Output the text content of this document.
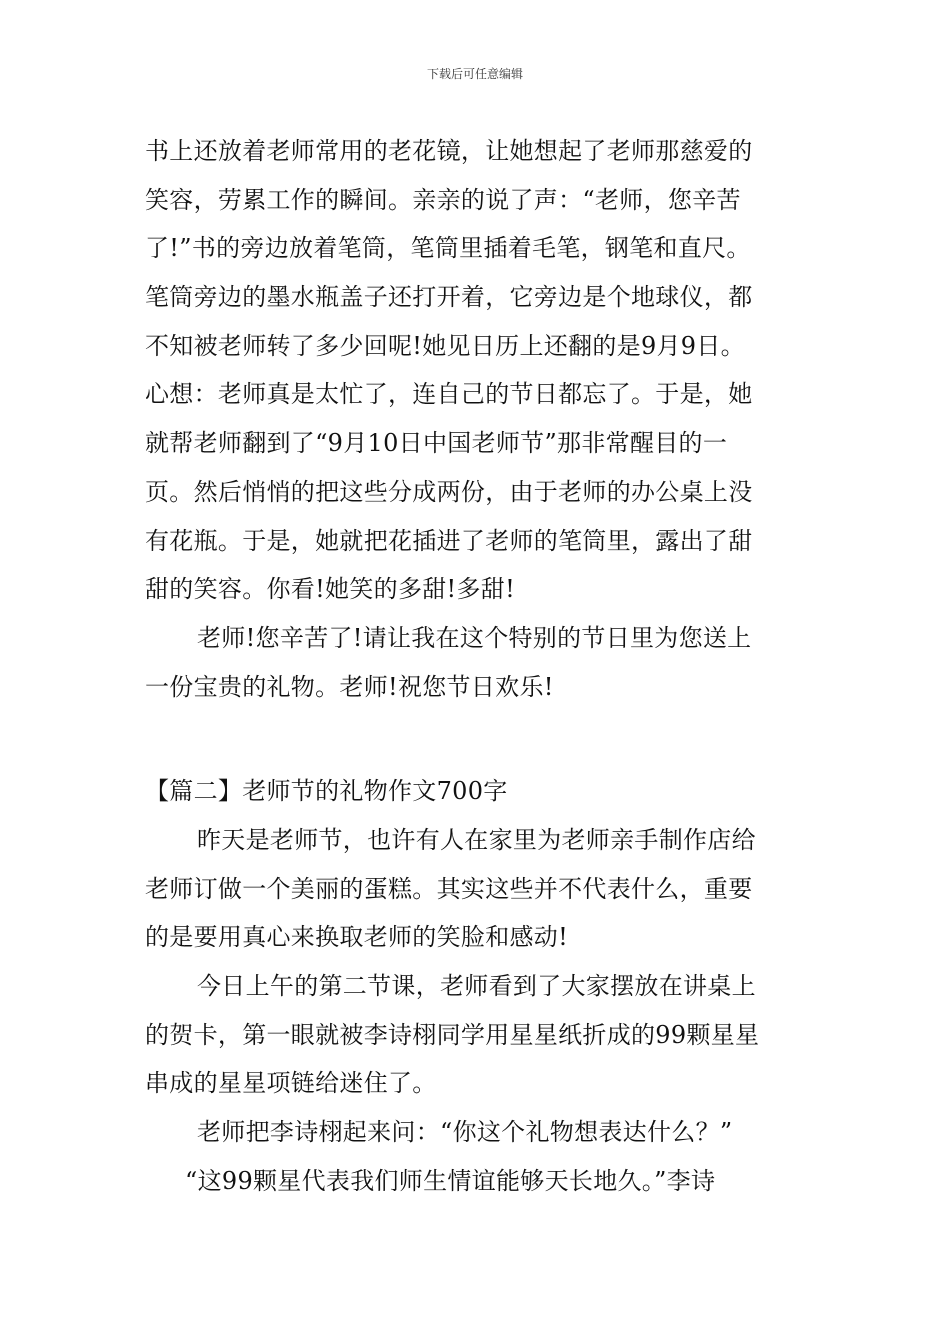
下载后可任意编辑
书上还放着老师常用的老花镜，让她想起了老师那慈爱的
笑容，劳累工作的瞬间。亲亲的说了声：“老师，您辛苦
了!”书的旁边放着笔筒，笔筒里插着毛笔，钢笔和直尺。
笔筒旁边的墨水瓶盖子还打开着，它旁边是个地球仪，都
不知被老师转了多少回呢!她见日历上还翻的是9月9日。
心想：老师真是太忙了，连自己的节日都忘了。于是，她
就帮老师翻到了“9月10日中国老师节”那非常醒目的一
页。然后悄悄的把这些分成两份，由于老师的办公桌上没
有花瓶。于是，她就把花插进了老师的笔筒里，露出了甜
甜的笑容。你看!她笑的多甜!多甜!
老师!您辛苦了!请让我在这个特别的节日里为您送上
一份宝贵的礼物。老师!祝您节日欢乐!
【篇二】老师节的礼物作文700字
昨天是老师节，也许有人在家里为老师亲手制作店给
老师订做一个美丽的蛋糕。其实这些并不代表什么，重要
的是要用真心来换取老师的笑脸和感动!
今日上午的第二节课，老师看到了大家摆放在讲桌上
的贺卡，第一眼就被李诗栩同学用星星纸折成的99颗星星
串成的星星项链给迷住了。
老师把李诗栩起来问：“你这个礼物想表达什么？”
“这99颗星代表我们师生情谊能够天长地久。”李诗
